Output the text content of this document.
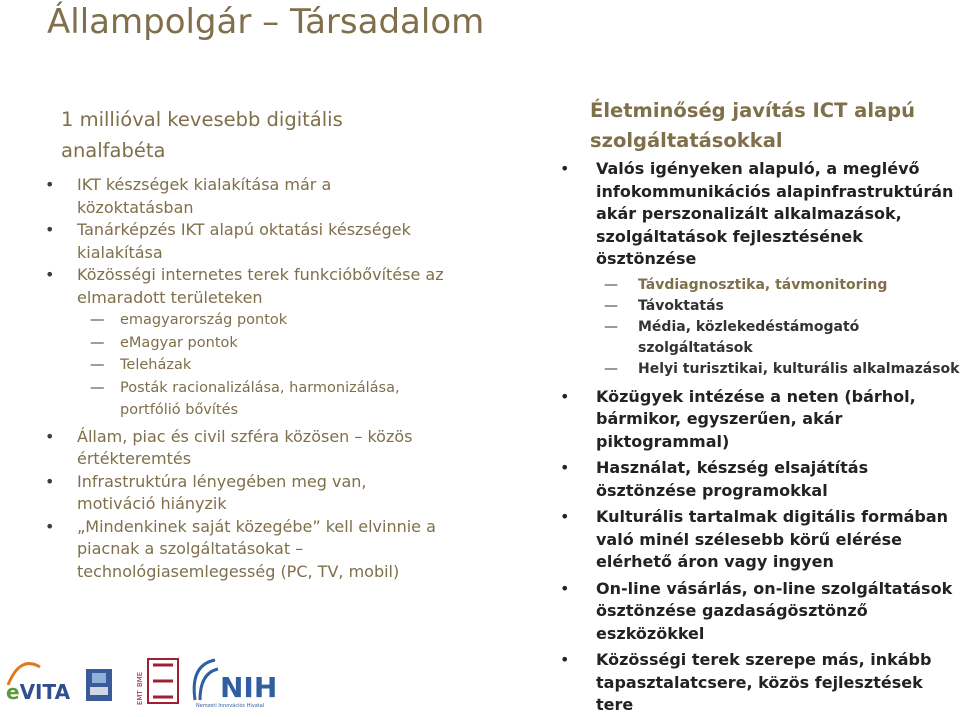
Állampolgár – Társadalom
1 millióval kevesebb digitális analfabéta
• IKT készségek kialakítása már a közoktatásban
• Tanárképzés IKT alapú oktatási készségek kialakítása
• Közösségi internetes terek funkcióbővítése az elmaradott területeken
— emagyarország pontok
— eMagyar pontok
— Teleházak
— Posták racionalizálása, harmonizálása, portfólió bővítés
• Állam, piac és civil szféra közösen – közös értékteremtés
• Infrastruktúra lényegében meg van, motiváció hiányzik
• „Mindenkinek saját közegébe” kell elvinnie a piacnak a szolgáltatásokat – technológiasemlegesség (PC, TV, mobil)
Életminőség javítás ICT alapú szolgáltatásokkal
• Valós igényeken alapuló, a meglévő infokommunikációs alapinfrastruktúrán akár perszonalizált alkalmazások, szolgáltatások fejlesztésének ösztönzése
— Távdiagnosztika, távmonitoring
— Távoktatás
— Média, közlekedéstámogató szolgáltatások
— Helyi turisztikai, kulturális alkalmazások
• Közügyek intézése a neten (bárhol, bármikor, egyszerűen, akár piktogrammal)
• Használat, készség elsajátítás ösztönzése programokkal
• Kulturális tartalmak digitális formában való minél szélesebb körű elérése elérhető áron vagy ingyen
• On-line vásárlás, on-line szolgáltatások ösztönzése gazdaságösztönző eszközökkel
• Közösségi terek szerepe más, inkább tapasztalatcsere, közös fejlesztések tere
eVITA
BME
EMT	NIH
Nemzeti Innovációs Hivatal
